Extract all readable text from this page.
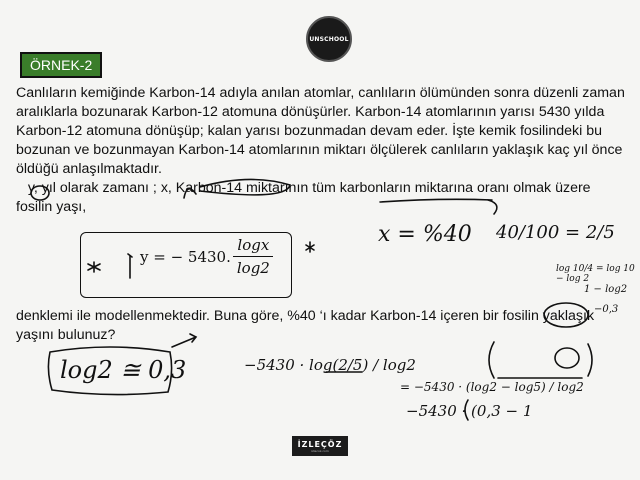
UNSCHOOL
ÖRNEK-2

Canlıların kemiğinde Karbon-14 adıyla anılan atomlar, canlıların ölümünden sonra düzenli zaman aralıklarla bozunarak Karbon-12 atomuna dönüşürler. Karbon-14 atomlarının yarısı 5430 yılda Karbon-12 atomuna dönüşüp; kalan yarısı bozunmadan devam eder. İşte kemik fosilindeki bu bozunan ve bozunmayan Karbon-14 atomlarının miktarı ölçülerek canlıların yaklaşık kaç yıl önce öldüğü anlaşılmaktadır.
y, yıl olarak zamanı ; x, Karbon-14 miktarının tüm karbonların miktarına oranı olmak üzere fosilin yaşı,

y = − 5430. $\frac{\log x}{\log 2}$

denklemi ile modellenmektedir. Buna göre, %40 ‘ı kadar Karbon-14 içeren bir fosilin yaklaşık yaşını bulunuz?

x = %40 40/100 = 2/5
log2 ≅ 0,3
log 10/4 = log 10 − log 2
1 − log2
−0,3
−5430 · log(2/5) / log2
= −5430 · (log2 − log5) / log2
−5430 · (0,3 − 1
İZLEÇÖZ
izlecoz.com
